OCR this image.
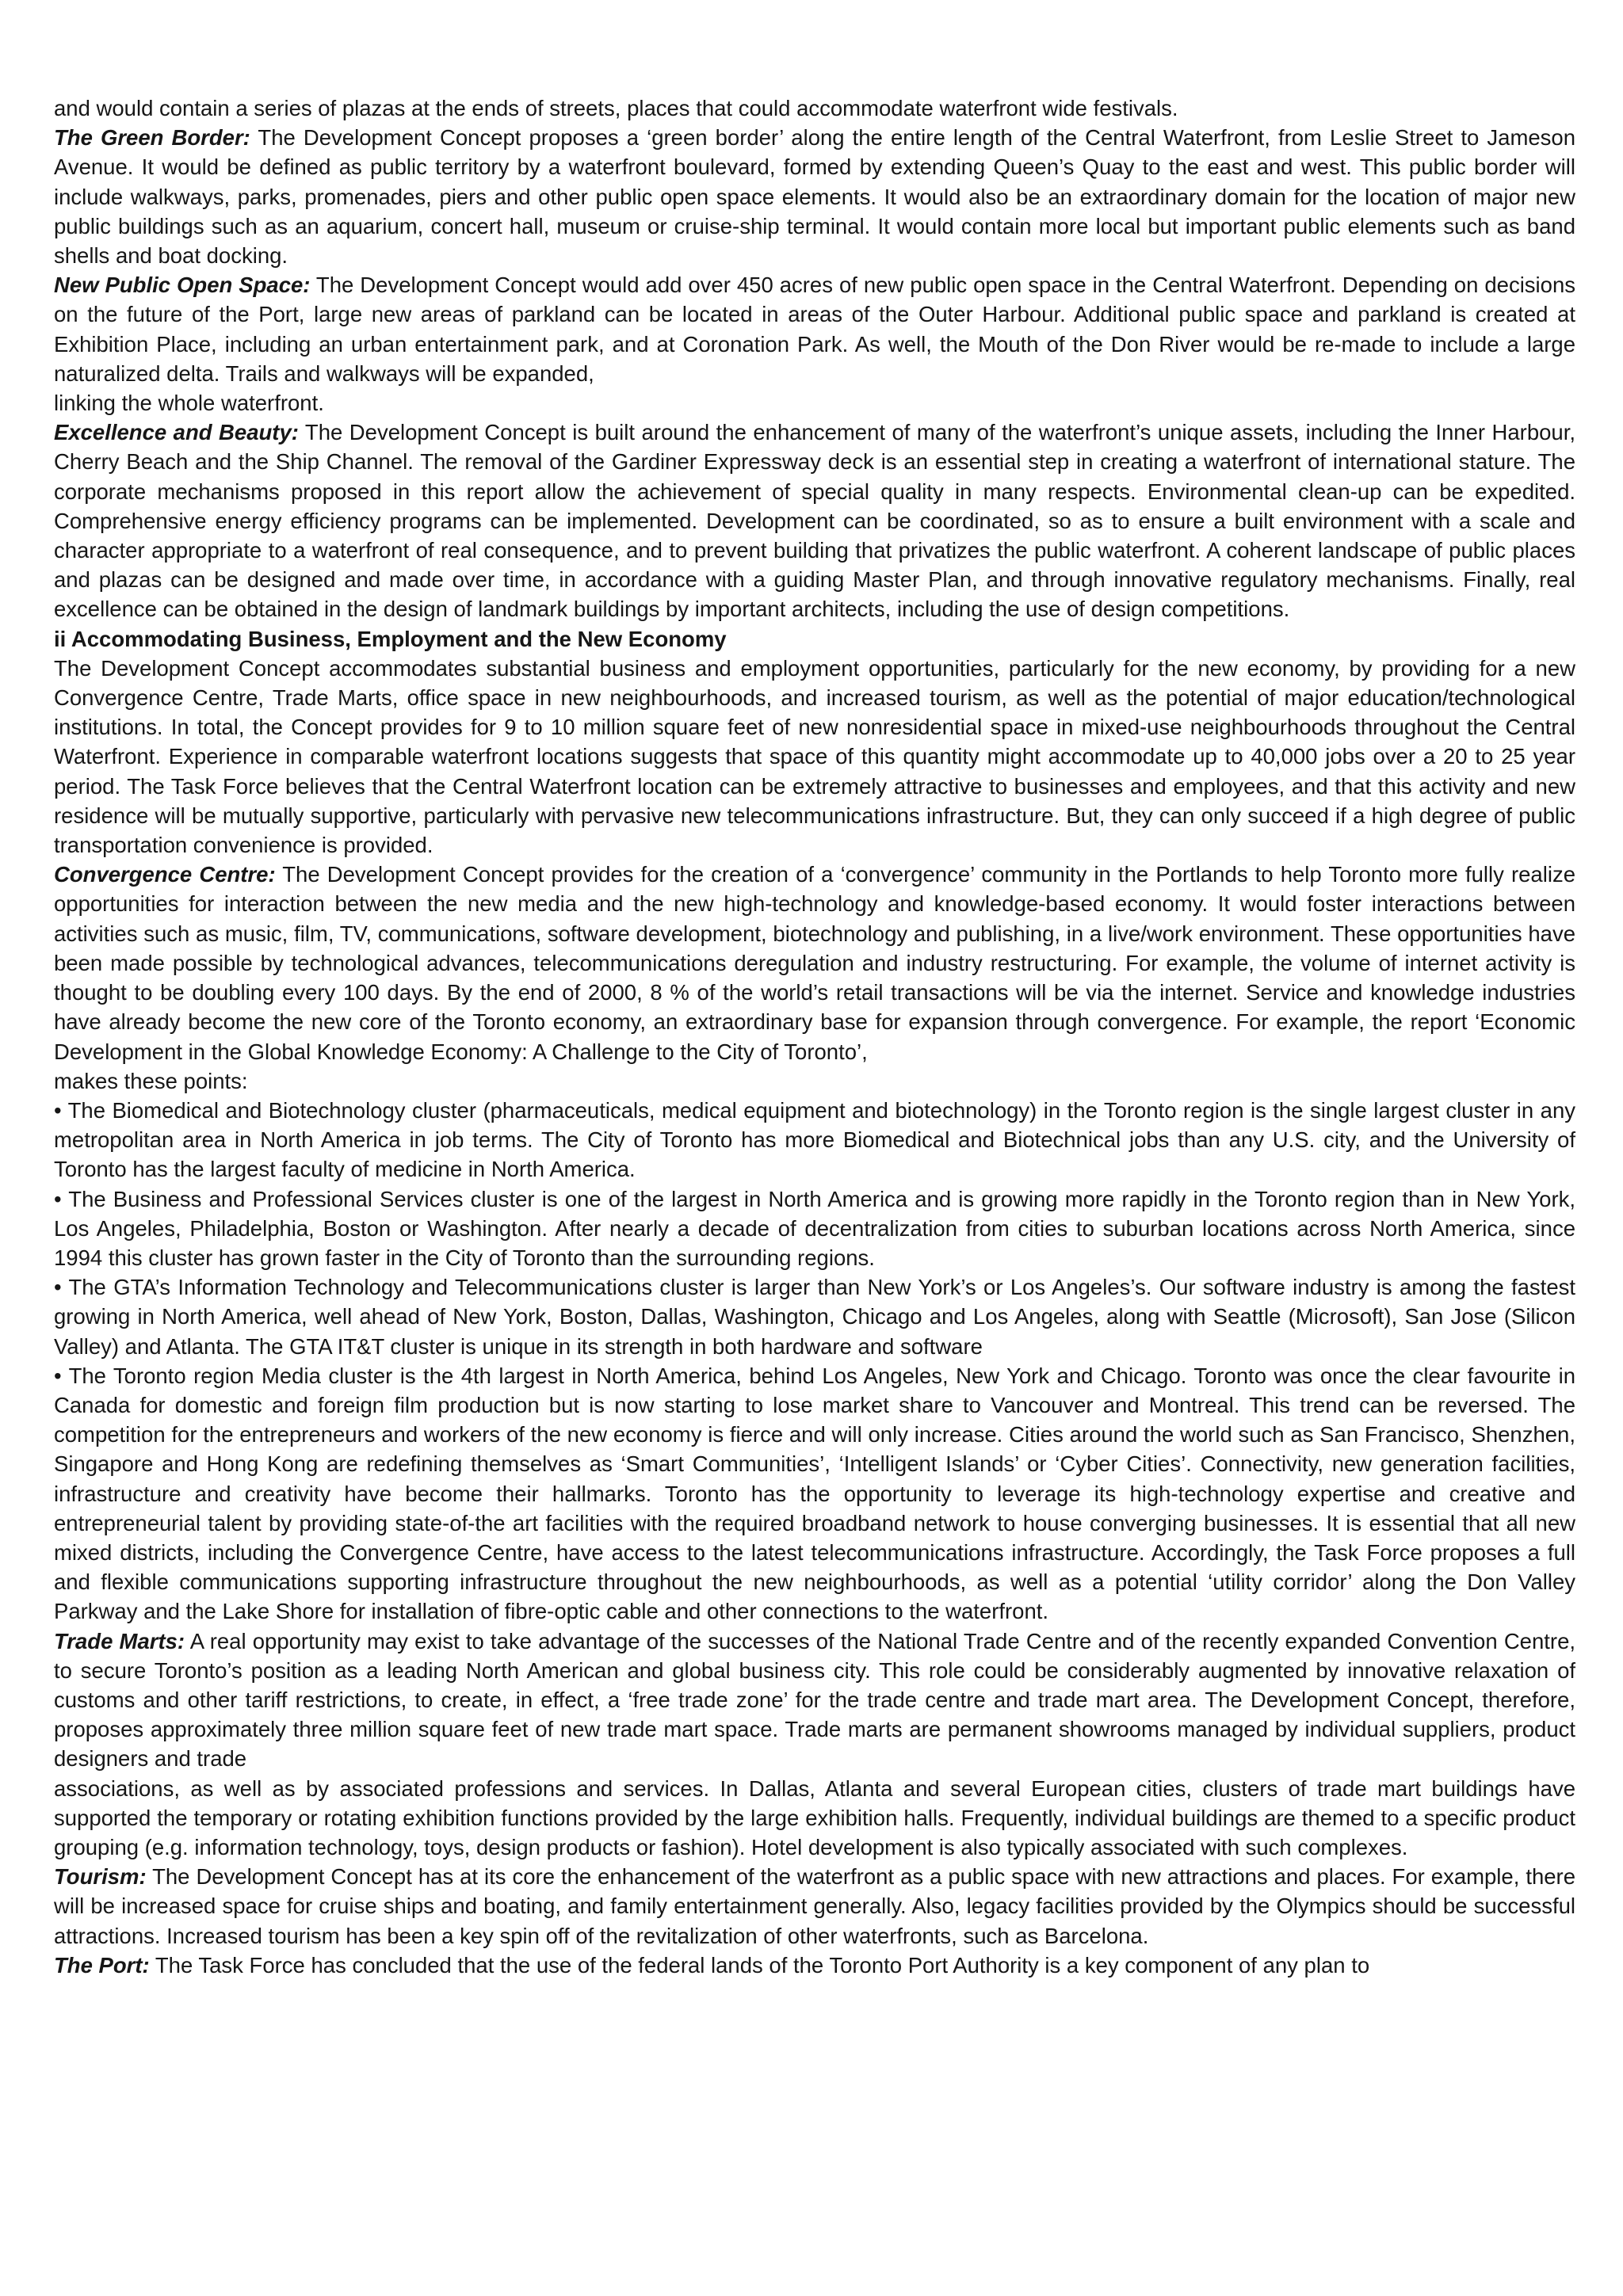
and would contain a series of plazas at the ends of streets, places that could accommodate waterfront wide festivals.

The Green Border: The Development Concept proposes a ‘green border’ along the entire length of the Central Waterfront, from Leslie Street to Jameson Avenue. It would be defined as public territory by a waterfront boulevard, formed by extending Queen’s Quay to the east and west. This public border will include walkways, parks, promenades, piers and other public open space elements. It would also be an extraordinary domain for the location of major new public buildings such as an aquarium, concert hall, museum or cruise-ship terminal. It would contain more local but important public elements such as band shells and boat docking.

New Public Open Space: The Development Concept would add over 450 acres of new public open space in the Central Waterfront. Depending on decisions on the future of the Port, large new areas of parkland can be located in areas of the Outer Harbour. Additional public space and parkland is created at Exhibition Place, including an urban entertainment park, and at Coronation Park. As well, the Mouth of the Don River would be re-made to include a large naturalized delta. Trails and walkways will be expanded,

linking the whole waterfront.

Excellence and Beauty: The Development Concept is built around the enhancement of many of the waterfront’s unique assets, including the Inner Harbour, Cherry Beach and the Ship Channel. The removal of the Gardiner Expressway deck is an essential step in creating a waterfront of international stature. The corporate mechanisms proposed in this report allow the achievement of special quality in many respects. Environmental clean-up can be expedited. Comprehensive energy efficiency programs can be implemented. Development can be coordinated, so as to ensure a built environment with a scale and character appropriate to a waterfront of real consequence, and to prevent building that privatizes the public waterfront. A coherent landscape of public places and plazas can be designed and made over time, in accordance with a guiding Master Plan, and through innovative regulatory mechanisms. Finally, real excellence can be obtained in the design of landmark buildings by important architects, including the use of design competitions.

ii Accommodating Business, Employment and the New Economy

The Development Concept accommodates substantial business and employment opportunities, particularly for the new economy, by providing for a new Convergence Centre, Trade Marts, office space in new neighbourhoods, and increased tourism, as well as the potential of major education/technological institutions. In total, the Concept provides for 9 to 10 million square feet of new nonresidential space in mixed-use neighbourhoods throughout the Central Waterfront. Experience in comparable waterfront locations suggests that space of this quantity might accommodate up to 40,000 jobs over a 20 to 25 year period. The Task Force believes that the Central Waterfront location can be extremely attractive to businesses and employees, and that this activity and new residence will be mutually supportive, particularly with pervasive new telecommunications infrastructure. But, they can only succeed if a high degree of public transportation convenience is provided.

Convergence Centre: The Development Concept provides for the creation of a ‘convergence’ community in the Portlands to help Toronto more fully realize opportunities for interaction between the new media and the new high-technology and knowledge-based economy. It would foster interactions between activities such as music, film, TV, communications, software development, biotechnology and publishing, in a live/work environment. These opportunities have been made possible by technological advances, telecommunications deregulation and industry restructuring. For example, the volume of internet activity is thought to be doubling every 100 days. By the end of 2000, 8 % of the world’s retail transactions will be via the internet. Service and knowledge industries have already become the new core of the Toronto economy, an extraordinary base for expansion through convergence. For example, the report ‘Economic Development in the Global Knowledge Economy: A Challenge to the City of Toronto’,

makes these points:

• The Biomedical and Biotechnology cluster (pharmaceuticals, medical equipment and biotechnology) in the Toronto region is the single largest cluster in any metropolitan area in North America in job terms. The City of Toronto has more Biomedical and Biotechnical jobs than any U.S. city, and the University of Toronto has the largest faculty of medicine in North America.

• The Business and Professional Services cluster is one of the largest in North America and is growing more rapidly in the Toronto region than in New York, Los Angeles, Philadelphia, Boston or Washington. After nearly a decade of decentralization from cities to suburban locations across North America, since 1994 this cluster has grown faster in the City of Toronto than the surrounding regions.

• The GTA’s Information Technology and Telecommunications cluster is larger than New York’s or Los Angeles’s. Our software industry is among the fastest growing in North America, well ahead of New York, Boston, Dallas, Washington, Chicago and Los Angeles, along with Seattle (Microsoft), San Jose (Silicon Valley) and Atlanta. The GTA IT&T cluster is unique in its strength in both hardware and software

• The Toronto region Media cluster is the 4th largest in North America, behind Los Angeles, New York and Chicago. Toronto was once the clear favourite in Canada for domestic and foreign film production but is now starting to lose market share to Vancouver and Montreal. This trend can be reversed. The competition for the entrepreneurs and workers of the new economy is fierce and will only increase. Cities around the world such as San Francisco, Shenzhen, Singapore and Hong Kong are redefining themselves as ‘Smart Communities’, ‘Intelligent Islands’ or ‘Cyber Cities’. Connectivity, new generation facilities, infrastructure and creativity have become their hallmarks. Toronto has the opportunity to leverage its high-technology expertise and creative and entrepreneurial talent by providing state-of-the art facilities with the required broadband network to house converging businesses. It is essential that all new mixed districts, including the Convergence Centre, have access to the latest telecommunications infrastructure. Accordingly, the Task Force proposes a full and flexible communications supporting infrastructure throughout the new neighbourhoods, as well as a potential ‘utility corridor’ along the Don Valley Parkway and the Lake Shore for installation of fibre-optic cable and other connections to the waterfront.

Trade Marts: A real opportunity may exist to take advantage of the successes of the National Trade Centre and of the recently expanded Convention Centre, to secure Toronto’s position as a leading North American and global business city. This role could be considerably augmented by innovative relaxation of customs and other tariff restrictions, to create, in effect, a ‘free trade zone’ for the trade centre and trade mart area. The Development Concept, therefore, proposes approximately three million square feet of new trade mart space. Trade marts are permanent showrooms managed by individual suppliers, product designers and trade

associations, as well as by associated professions and services. In Dallas, Atlanta and several European cities, clusters of trade mart buildings have supported the temporary or rotating exhibition functions provided by the large exhibition halls. Frequently, individual buildings are themed to a specific product grouping (e.g. information technology, toys, design products or fashion). Hotel development is also typically associated with such complexes.

Tourism: The Development Concept has at its core the enhancement of the waterfront as a public space with new attractions and places. For example, there will be increased space for cruise ships and boating, and family entertainment generally. Also, legacy facilities provided by the Olympics should be successful attractions. Increased tourism has been a key spin off of the revitalization of other waterfronts, such as Barcelona.

The Port: The Task Force has concluded that the use of the federal lands of the Toronto Port Authority is a key component of any plan to
